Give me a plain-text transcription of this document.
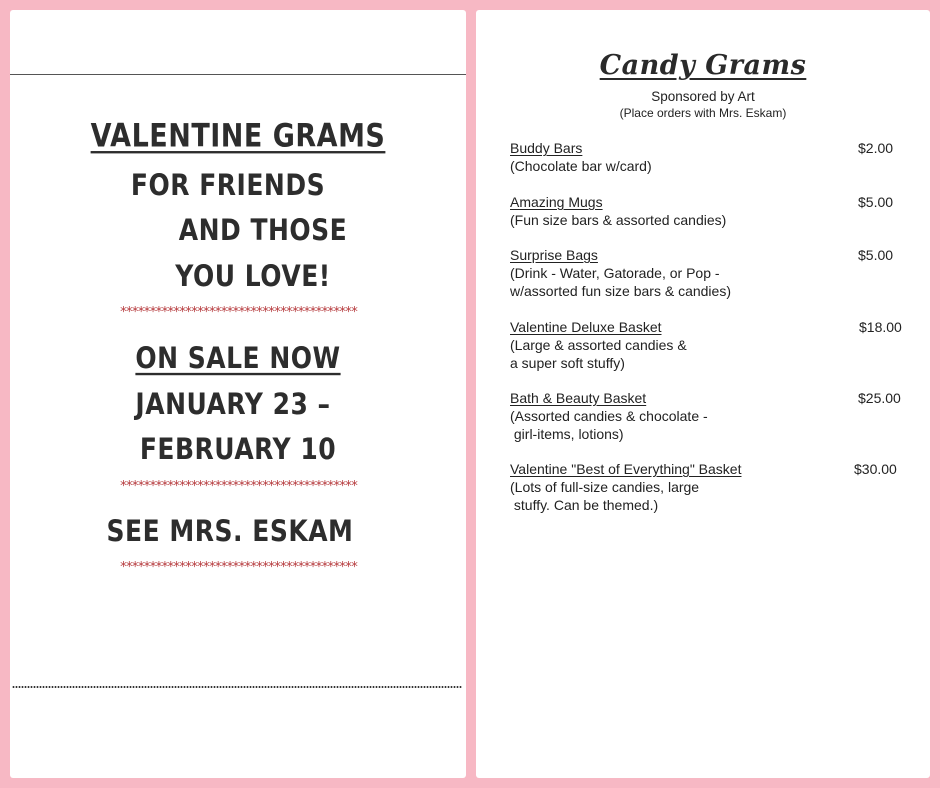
VALENTINE GRAMS
FOR FRIENDS
AND THOSE
YOU LOVE!
****************************************
ON SALE NOW
JANUARY 23 –
FEBRUARY 10
****************************************
SEE MRS. ESKAM
****************************************
Candy Grams
Sponsored by Art
(Place orders with Mrs. Eskam)
Buddy Bars	$2.00
(Chocolate bar w/card)
Amazing Mugs	$5.00
(Fun size bars & assorted candies)
Surprise Bags	$5.00
(Drink - Water, Gatorade, or Pop -
w/assorted fun size bars & candies)
Valentine Deluxe Basket	$18.00
(Large & assorted candies &
a super soft stuffy)
Bath & Beauty Basket	$25.00
(Assorted candies & chocolate -
girl-items, lotions)
Valentine "Best of Everything" Basket	$30.00
(Lots of full-size candies, large
stuffy. Can be themed.)
